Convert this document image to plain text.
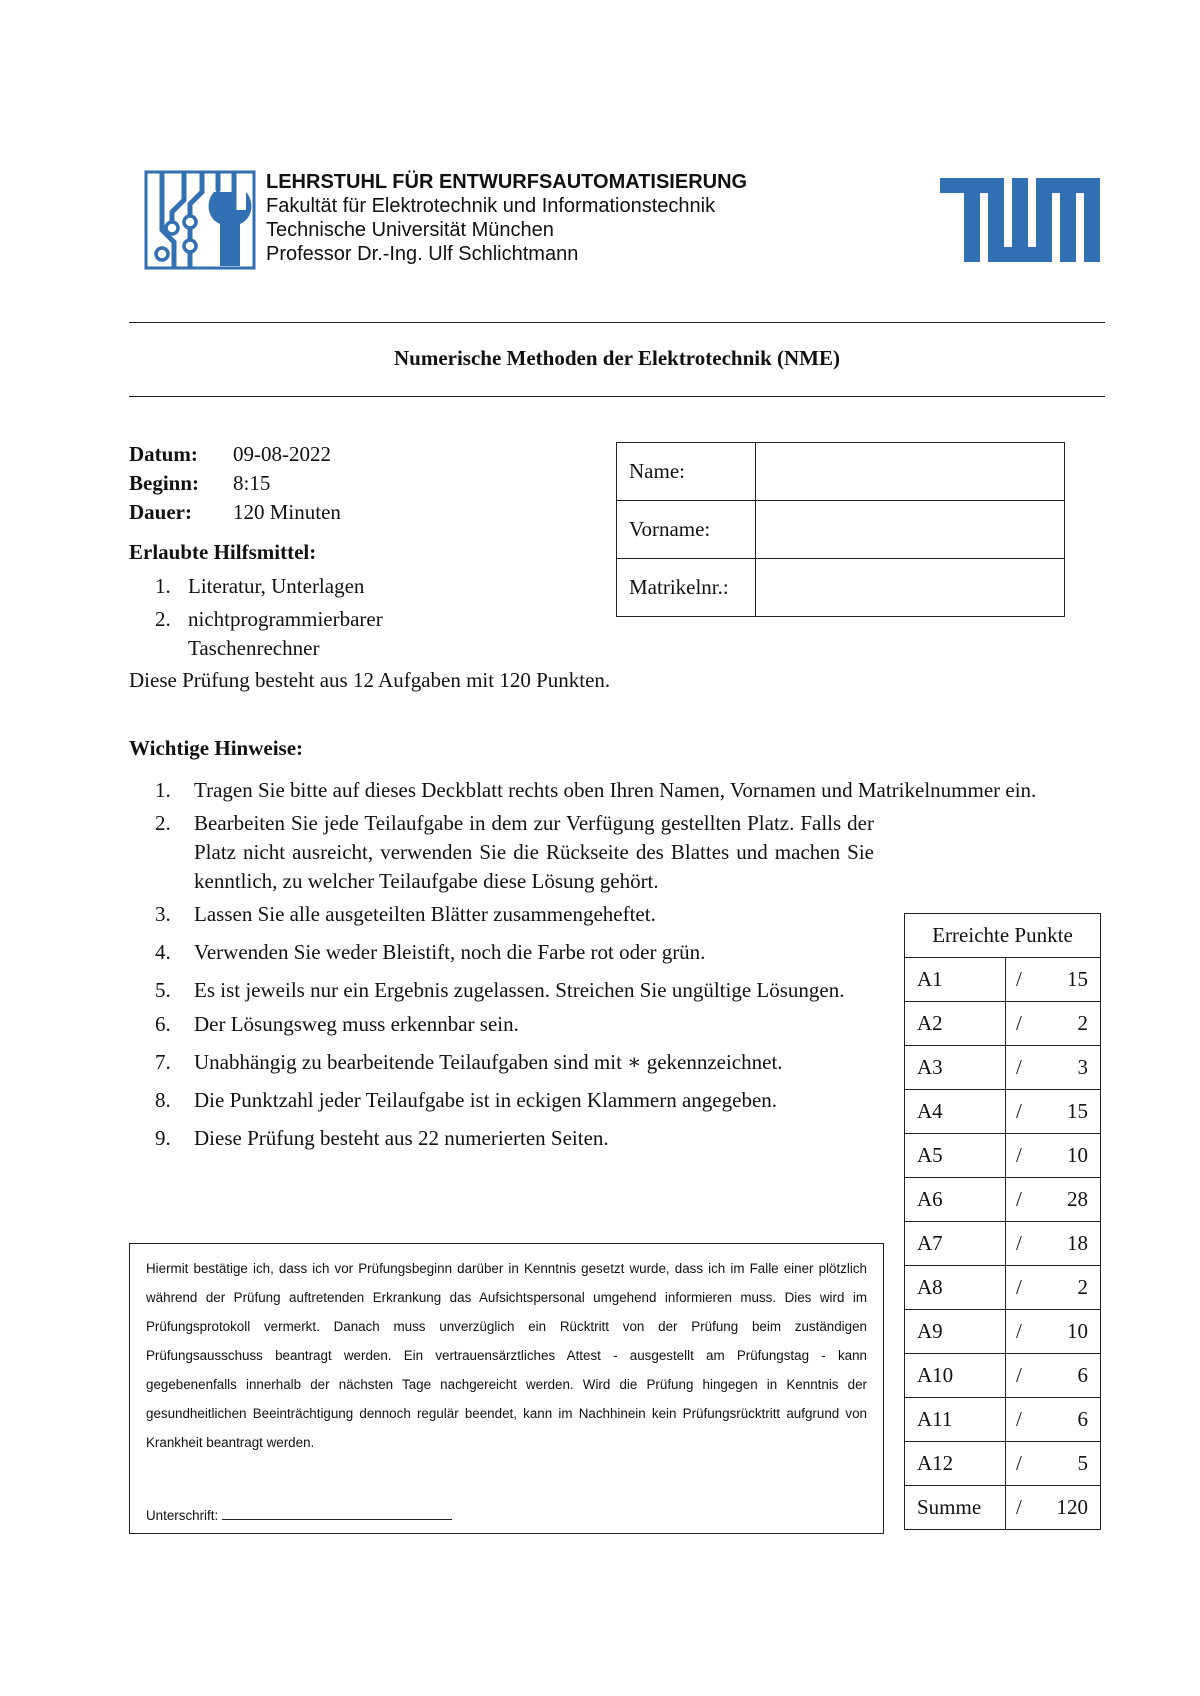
LEHRSTUHL FÜR ENTWURFSAUTOMATISIERUNG
Fakultät für Elektrotechnik und Informationstechnik
Technische Universität München
Professor Dr.-Ing. Ulf Schlichtmann
Numerische Methoden der Elektrotechnik (NME)
Datum: 09-08-2022
Beginn: 8:15
Dauer: 120 Minuten
Erlaubte Hilfsmittel:
1. Literatur, Unterlagen
2. nichtprogrammierbarer Taschenrechner
Diese Prüfung besteht aus 12 Aufgaben mit 120 Punkten.
Name:	
Vorname:	
Matrikelnr.:	
Wichtige Hinweise:
1. Tragen Sie bitte auf dieses Deckblatt rechts oben Ihren Namen, Vornamen und Matrikelnummer ein.
2. Bearbeiten Sie jede Teilaufgabe in dem zur Verfügung gestellten Platz. Falls der Platz nicht ausreicht, verwenden Sie die Rückseite des Blattes und machen Sie kenntlich, zu welcher Teilaufgabe diese Lösung gehört.
3. Lassen Sie alle ausgeteilten Blätter zusammengeheftet.
4. Verwenden Sie weder Bleistift, noch die Farbe rot oder grün.
5. Es ist jeweils nur ein Ergebnis zugelassen. Streichen Sie ungültige Lösungen.
6. Der Lösungsweg muss erkennbar sein.
7. Unabhängig zu bearbeitende Teilaufgaben sind mit ∗ gekennzeichnet.
8. Die Punktzahl jeder Teilaufgabe ist in eckigen Klammern angegeben.
9. Diese Prüfung besteht aus 22 numerierten Seiten.
Erreichte Punkte		
A1	/	15
A2	/	2
A3	/	3
A4	/	15
A5	/	10
A6	/	28
A7	/	18
A8	/	2
A9	/	10
A10	/	6
A11	/	6
A12	/	5
Summe	/	120
Hiermit bestätige ich, dass ich vor Prüfungsbeginn darüber in Kenntnis gesetzt wurde, dass ich im Falle einer plötzlich während der Prüfung auftretenden Erkrankung das Aufsichtspersonal umgehend informieren muss. Dies wird im Prüfungsprotokoll vermerkt. Danach muss unverzüglich ein Rücktritt von der Prüfung beim zuständigen Prüfungsausschuss beantragt werden. Ein vertrauensärztliches Attest - ausgestellt am Prüfungstag - kann gegebenenfalls innerhalb der nächsten Tage nachgereicht werden. Wird die Prüfung hingegen in Kenntnis der gesundheitlichen Beeinträchtigung dennoch regulär beendet, kann im Nachhinein kein Prüfungsrücktritt aufgrund von Krankheit beantragt werden.
Unterschrift:
